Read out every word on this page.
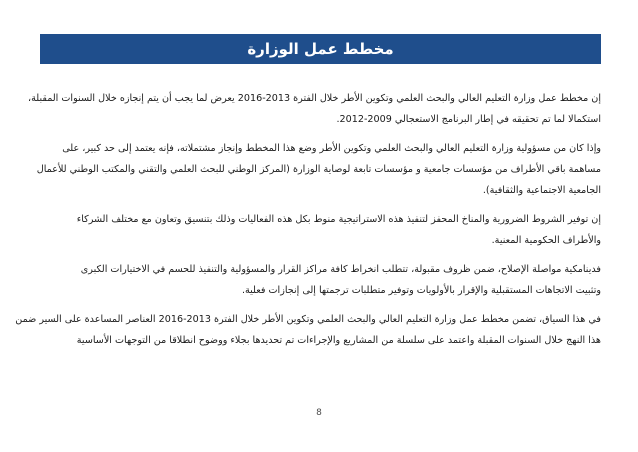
مخطط عمل الوزارة

إن مخطط عمل وزارة التعليم العالي والبحث العلمي وتكوين الأطر خلال الفترة 2013-2016 يعرض لما يجب أن يتم إنجازه خلال السنوات المقبلة،
استكمالا لما تم تحقيقه في إطار البرنامج الاستعجالي 2009-2012.

وإذا كان من مسؤولية وزارة التعليم العالي والبحث العلمي وتكوين الأطر وضع هذا المخطط وإنجاز مشتملاته، فإنه يعتمد إلى حد كبير، على
مساهمة باقي الأطراف من مؤسسات جامعية و مؤسسات تابعة لوصاية الوزارة (المركز الوطني للبحث العلمي والتقني والمكتب الوطني للأعمال
الجامعية الاجتماعية والثقافية).

إن توفير الشروط الضرورية والمناخ المحفز لتنفيذ هذه الاستراتيجية منوط بكل هذه الفعاليات وذلك بتنسيق وتعاون مع مختلف الشركاء
والأطراف الحكومية المعنية.

فدينامكية مواصلة الإصلاح، ضمن ظروف مقبولة، تتطلب انخراط كافة مراكز القرار والمسؤولية والتنفيذ للحسم في الاختيارات الكبرى
وتثبيت الاتجاهات المستقبلية والإقرار بالأولويات وتوفير متطلبات ترجمتها إلى إنجازات فعلية.

في هذا السياق، تضمن مخطط عمل وزارة التعليم العالي والبحث العلمي وتكوين الأطر خلال الفترة 2013-2016 العناصر المساعدة على السير ضمن
هذا النهج خلال السنوات المقبلة واعتمد على سلسلة من المشاريع والإجراءات تم تحديدها بجلاء ووضوح انطلاقا من التوجهات الأساسية

8
